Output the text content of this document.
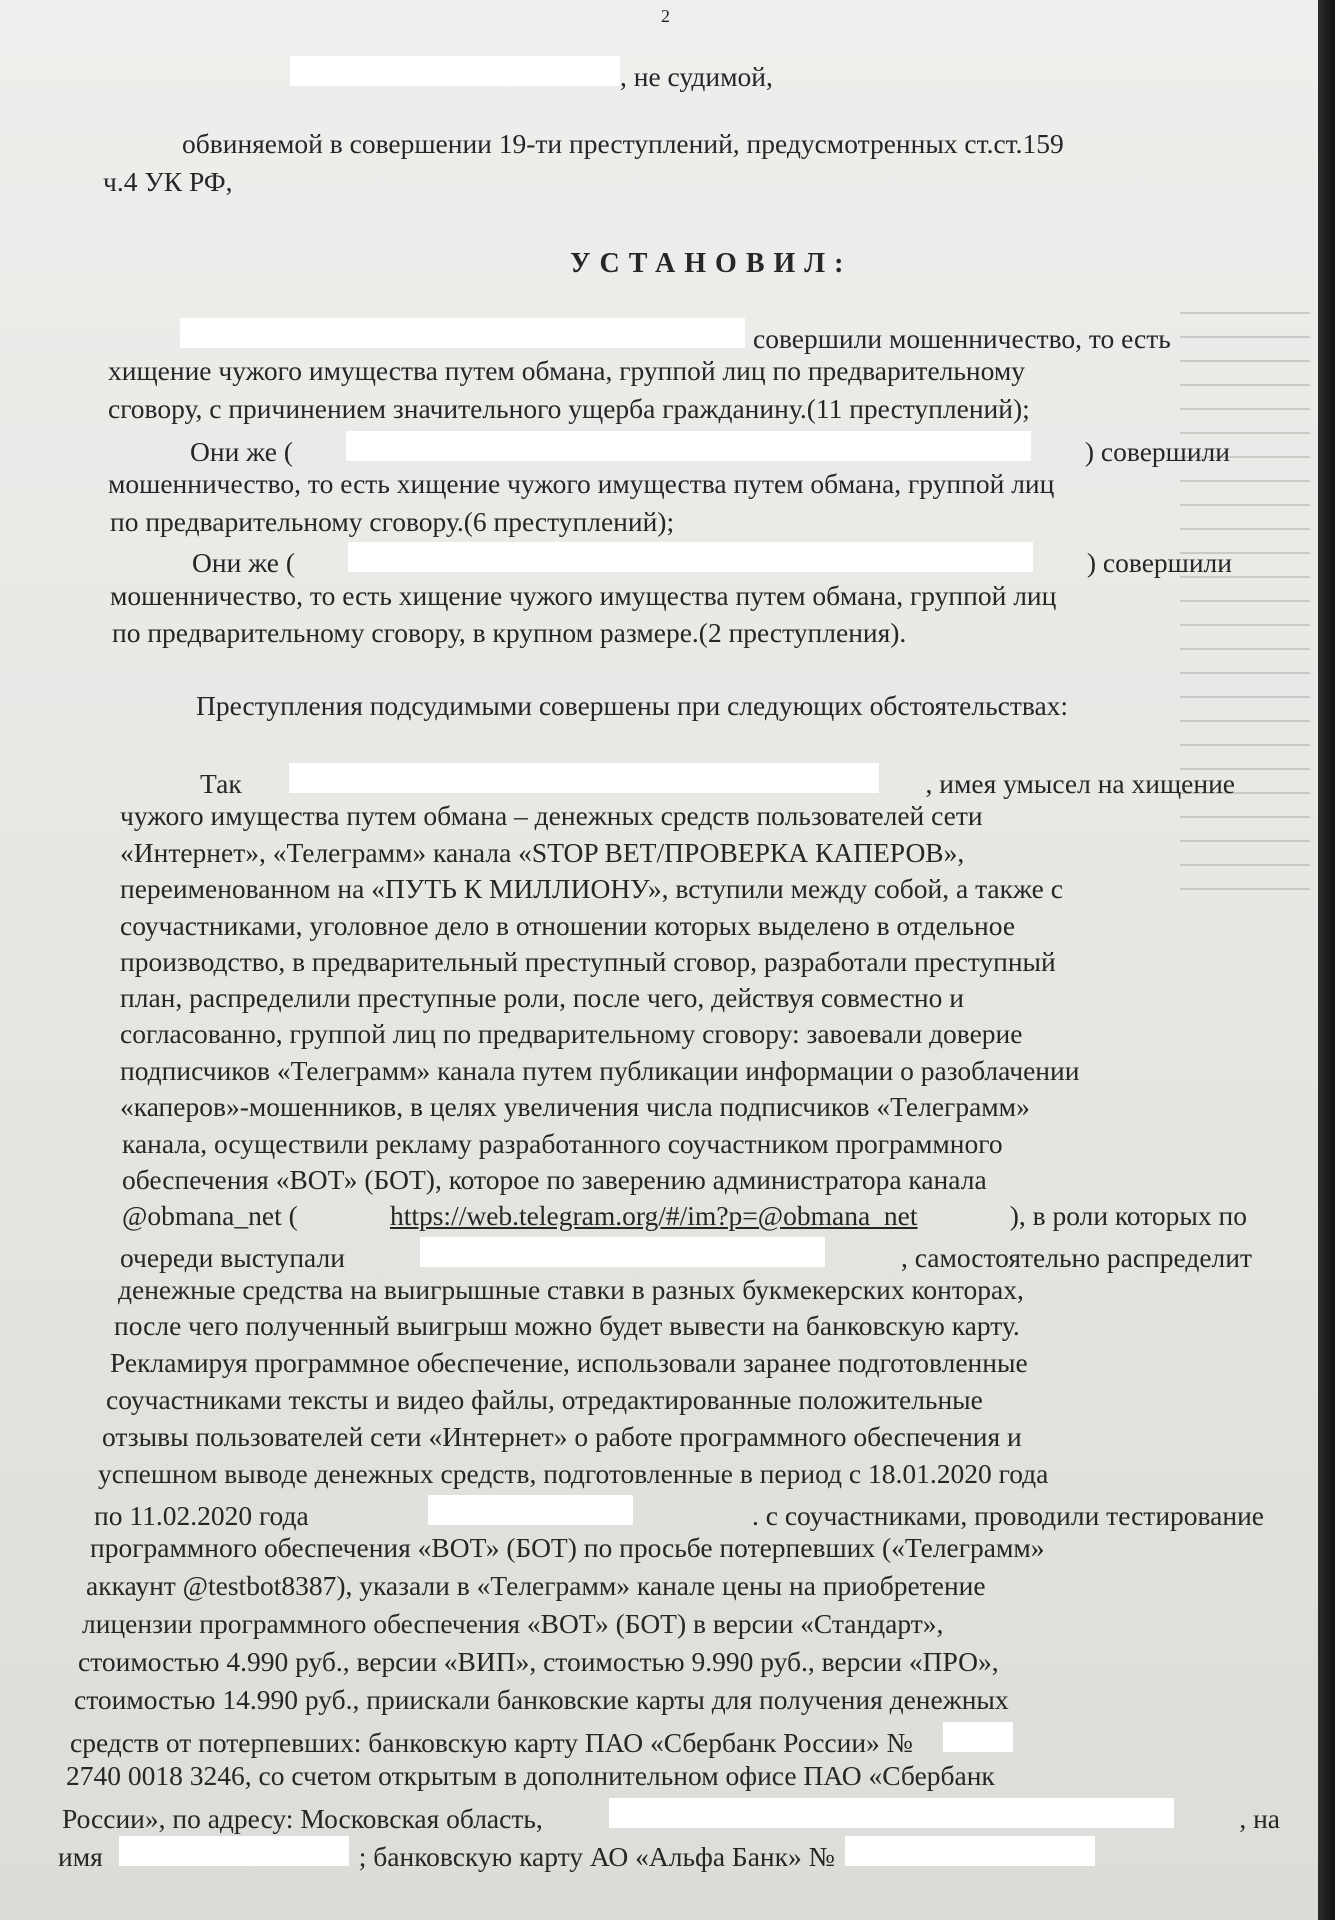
2
, не судимой,
обвиняемой в совершении 19-ти преступлений, предусмотренных ст.ст.159
ч.4 УК РФ,
УСТАНОВИЛ:
совершили мошенничество, то есть
хищение чужого имущества путем обмана, группой лиц по предварительному
сговору, с причинением значительного ущерба гражданину.(11 преступлений);
Они же (	) совершили
мошенничество, то есть хищение чужого имущества путем обмана, группой лиц
по предварительному сговору.(6 преступлений);
Они же (	) совершили
мошенничество, то есть хищение чужого имущества путем обмана, группой лиц
по предварительному сговору, в крупном размере.(2 преступления).
Преступления подсудимыми совершены при следующих обстоятельствах:
Так	, имея умысел на хищение
чужого имущества путем обмана – денежных средств пользователей сети
«Интернет», «Телеграмм» канала «STOP BET/ПРОВЕРКА КАПЕРОВ»,
переименованном на «ПУТЬ К МИЛЛИОНУ», вступили между собой, а также с
соучастниками, уголовное дело в отношении которых выделено в отдельное
производство, в предварительный преступный сговор, разработали преступный
план, распределили преступные роли, после чего, действуя совместно и
согласованно, группой лиц по предварительному сговору: завоевали доверие
подписчиков «Телеграмм» канала путем публикации информации о разоблачении
«каперов»-мошенников, в целях увеличения числа подписчиков «Телеграмм»
канала, осуществили рекламу разработанного соучастником программного
обеспечения «ВОТ» (БОТ), которое по заверению администратора канала
@obmana_net (	https://web.telegram.org/#/im?p=@obmana_net	), в роли которых по
очереди выступали	, самостоятельно распределит
денежные средства на выигрышные ставки в разных букмекерских конторах,
после чего полученный выигрыш можно будет вывести на банковскую карту.
Рекламируя программное обеспечение, использовали заранее подготовленные
соучастниками тексты и видео файлы, отредактированные положительные
отзывы пользователей сети «Интернет» о работе программного обеспечения и
успешном выводе денежных средств, подготовленные в период с 18.01.2020 года
по 11.02.2020 года	. с соучастниками, проводили тестирование
программного обеспечения «ВОТ» (БОТ) по просьбе потерпевших («Телеграмм»
аккаунт @testbot8387), указали в «Телеграмм» канале цены на приобретение
лицензии программного обеспечения «ВОТ» (БОТ) в версии «Стандарт»,
стоимостью 4.990 руб., версии «ВИП», стоимостью 9.990 руб., версии «ПРО»,
стоимостью 14.990 руб., приискали банковские карты для получения денежных
средств от потерпевших: банковскую карту ПАО «Сбербанк России» №
2740 0018 3246, со счетом открытым в дополнительном офисе ПАО «Сбербанк
России», по адресу: Московская область,	, на
имя	; банковскую карту АО «Альфа Банк» №
